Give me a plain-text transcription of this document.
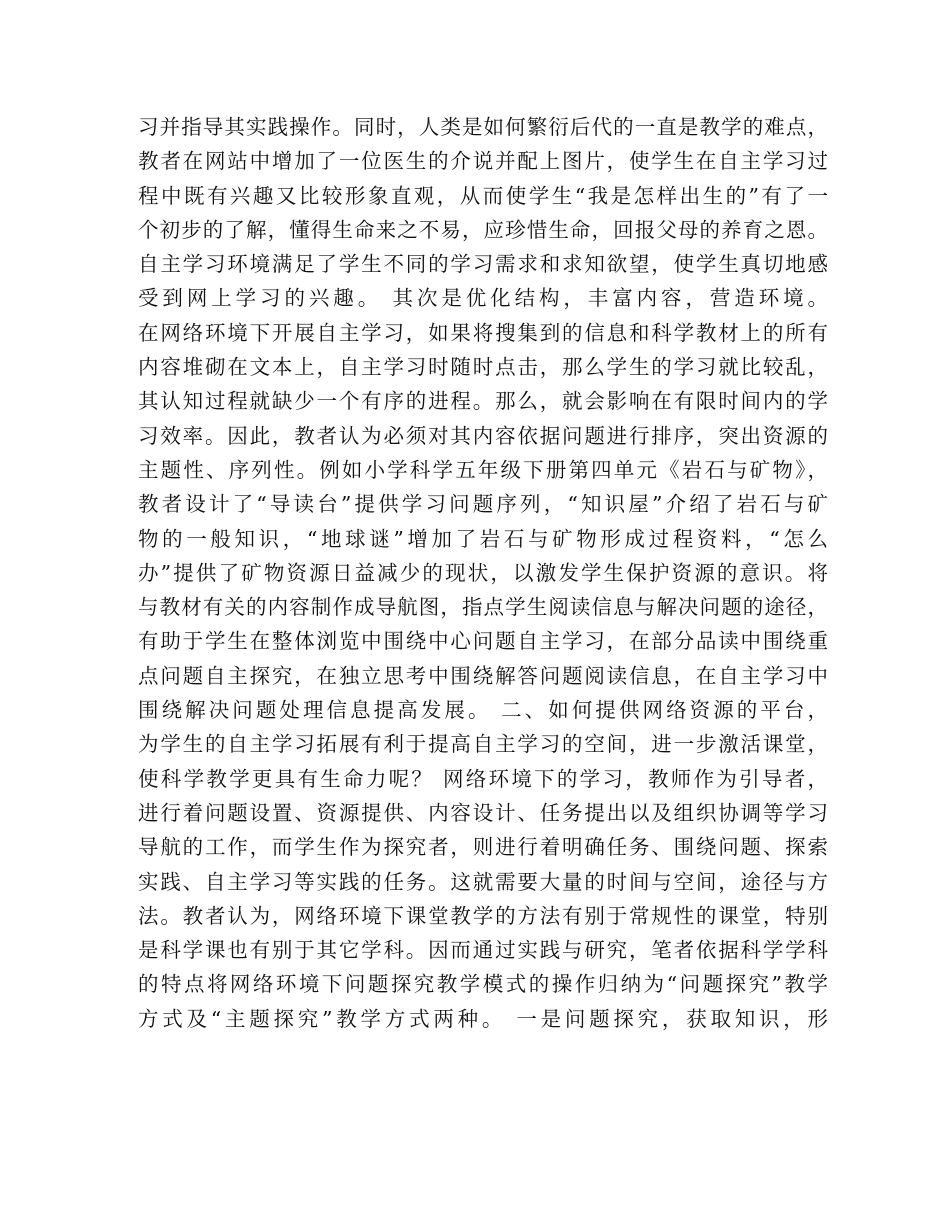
习并指导其实践操作。同时，人类是如何繁衍后代的一直是教学的难点，
教者在网站中增加了一位医生的介说并配上图片，使学生在自主学习过
程中既有兴趣又比较形象直观，从而使学生“我是怎样出生的”有了一
个初步的了解，懂得生命来之不易，应珍惜生命，回报父母的养育之恩。
自主学习环境满足了学生不同的学习需求和求知欲望，使学生真切地感
受到网上学习的兴趣。 其次是优化结构，丰富内容，营造环境。
在网络环境下开展自主学习，如果将搜集到的信息和科学教材上的所有
内容堆砌在文本上，自主学习时随时点击，那么学生的学习就比较乱，
其认知过程就缺少一个有序的进程。那么，就会影响在有限时间内的学
习效率。因此，教者认为必须对其内容依据问题进行排序，突出资源的
主题性、序列性。例如小学科学五年级下册第四单元《岩石与矿物》，
教者设计了“导读台”提供学习问题序列，“知识屋”介绍了岩石与矿
物的一般知识，“地球谜”增加了岩石与矿物形成过程资料，“怎么
办”提供了矿物资源日益减少的现状，以激发学生保护资源的意识。将
与教材有关的内容制作成导航图，指点学生阅读信息与解决问题的途径，
有助于学生在整体浏览中围绕中心问题自主学习，在部分品读中围绕重
点问题自主探究，在独立思考中围绕解答问题阅读信息，在自主学习中
围绕解决问题处理信息提高发展。 二、如何提供网络资源的平台，
为学生的自主学习拓展有利于提高自主学习的空间，进一步激活课堂，
使科学教学更具有生命力呢？ 网络环境下的学习，教师作为引导者，
进行着问题设置、资源提供、内容设计、任务提出以及组织协调等学习
导航的工作，而学生作为探究者，则进行着明确任务、围绕问题、探索
实践、自主学习等实践的任务。这就需要大量的时间与空间，途径与方
法。教者认为，网络环境下课堂教学的方法有别于常规性的课堂，特别
是科学课也有别于其它学科。因而通过实践与研究，笔者依据科学学科
的特点将网络环境下问题探究教学模式的操作归纳为“问题探究”教学
方式及“主题探究”教学方式两种。 一是问题探究，获取知识，形
